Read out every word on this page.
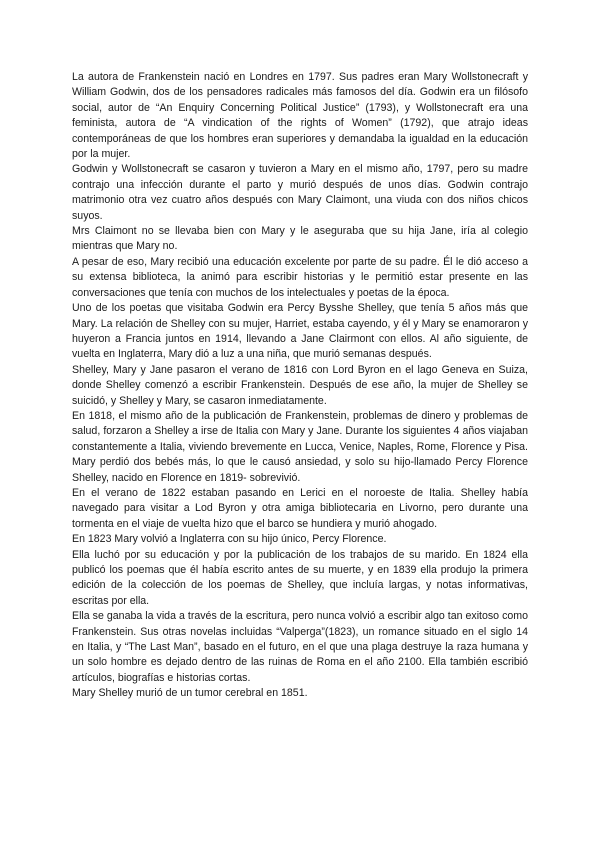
La autora de Frankenstein nació en Londres en 1797. Sus padres eran Mary Wollstonecraft y William Godwin, dos de los pensadores radicales más famosos del día. Godwin era un filósofo social, autor de “An Enquiry Concerning Political Justice” (1793), y Wollstonecraft era una feminista, autora de “A vindication of the rights of Women” (1792), que atrajo ideas contemporáneas de que los hombres eran superiores y demandaba la igualdad en la educación por la mujer.

Godwin y Wollstonecraft se casaron y tuvieron a Mary en el mismo año, 1797, pero su madre contrajo una infección durante el parto y murió después de unos días. Godwin contrajo matrimonio otra vez cuatro años después con Mary Claimont, una viuda con dos niños chicos suyos.

Mrs Claimont no se llevaba bien con Mary y le aseguraba que su hija Jane, iría al colegio mientras que Mary no.

A pesar de eso, Mary recibió una educación excelente por parte de su padre. Él le dió acceso a su extensa biblioteca, la animó para escribir historias y le permitió estar presente en las conversaciones que tenía con muchos de los intelectuales y poetas de la época.

Uno de los poetas que visitaba Godwin era Percy Bysshe Shelley, que tenía 5 años más que Mary. La relación de Shelley con su mujer, Harriet, estaba cayendo, y él y Mary se enamoraron y huyeron a Francia juntos en 1914, llevando a Jane Clairmont con ellos. Al año siguiente, de vuelta en Inglaterra, Mary dió a luz a una niña, que murió semanas después.

Shelley, Mary y Jane pasaron el verano de 1816 con Lord Byron en el lago Geneva en Suiza, donde Shelley comenzó a escribir Frankenstein. Después de ese año, la mujer de Shelley se suicidó, y Shelley y Mary, se casaron inmediatamente.

En 1818, el mismo año de la publicación de Frankenstein, problemas de dinero y problemas de salud, forzaron a Shelley a irse de Italia con Mary y Jane. Durante los siguientes 4 años viajaban constantemente a Italia, viviendo brevemente en Lucca, Venice, Naples, Rome, Florence y Pisa. Mary perdió dos bebés más, lo que le causó ansiedad, y solo su hijo-llamado Percy Florence Shelley, nacido en Florence en 1819- sobrevivió.

En el verano de 1822 estaban pasando en Lerici en el noroeste de Italia. Shelley había navegado para visitar a Lod Byron y otra amiga bibliotecaria en Livorno, pero durante una tormenta en el viaje de vuelta hizo que el barco se hundiera y murió ahogado.

En 1823 Mary volvió a Inglaterra con su hijo único, Percy Florence.

Ella luchó por su educación y por la publicación de los trabajos de su marido. En 1824 ella publicó los poemas que él había escrito antes de su muerte, y en 1839 ella produjo la primera edición de la colección de los poemas de Shelley, que incluía largas, y notas informativas, escritas por ella.

Ella se ganaba la vida a través de la escritura, pero nunca volvió a escribir algo tan exitoso como Frankenstein. Sus otras novelas incluidas “Valperga”(1823), un romance situado en el siglo 14 en Italia, y “The Last Man”, basado en el futuro, en el que una plaga destruye la raza humana y un solo hombre es dejado dentro de las ruinas de Roma en el año 2100. Ella también escribió artículos, biografías e historias cortas.

Mary Shelley murió de un tumor cerebral en 1851.
